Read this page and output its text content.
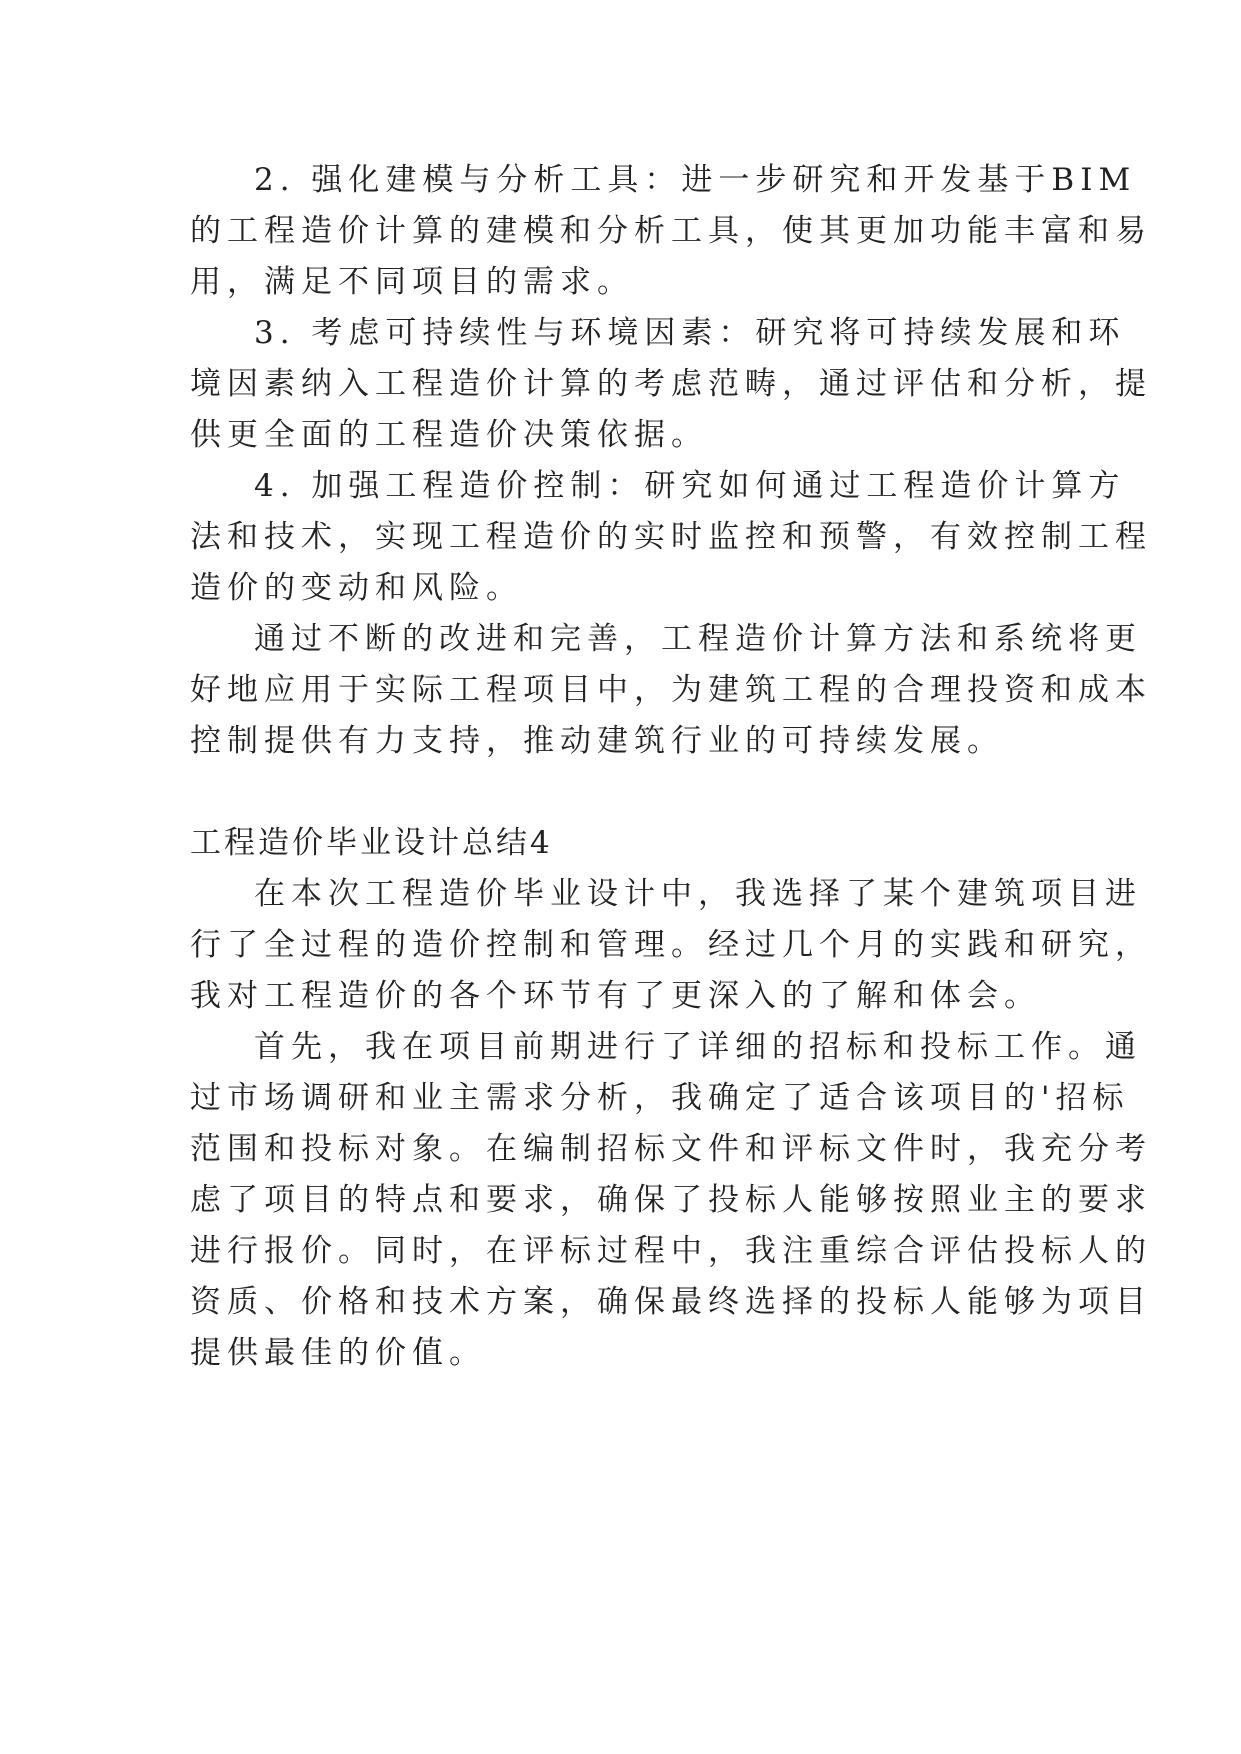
2. 强化建模与分析工具：进一步研究和开发基于BIM
的工程造价计算的建模和分析工具，使其更加功能丰富和易
用，满足不同项目的需求。
3. 考虑可持续性与环境因素：研究将可持续发展和环
境因素纳入工程造价计算的考虑范畴，通过评估和分析，提
供更全面的工程造价决策依据。
4. 加强工程造价控制：研究如何通过工程造价计算方
法和技术，实现工程造价的实时监控和预警，有效控制工程
造价的变动和风险。
通过不断的改进和完善，工程造价计算方法和系统将更
好地应用于实际工程项目中，为建筑工程的合理投资和成本
控制提供有力支持，推动建筑行业的可持续发展。
工程造价毕业设计总结4
在本次工程造价毕业设计中，我选择了某个建筑项目进
行了全过程的造价控制和管理。经过几个月的实践和研究，
我对工程造价的各个环节有了更深入的了解和体会。
首先，我在项目前期进行了详细的招标和投标工作。通
过市场调研和业主需求分析，我确定了适合该项目的'招标
范围和投标对象。在编制招标文件和评标文件时，我充分考
虑了项目的特点和要求，确保了投标人能够按照业主的要求
进行报价。同时，在评标过程中，我注重综合评估投标人的
资质、价格和技术方案，确保最终选择的投标人能够为项目
提供最佳的价值。
